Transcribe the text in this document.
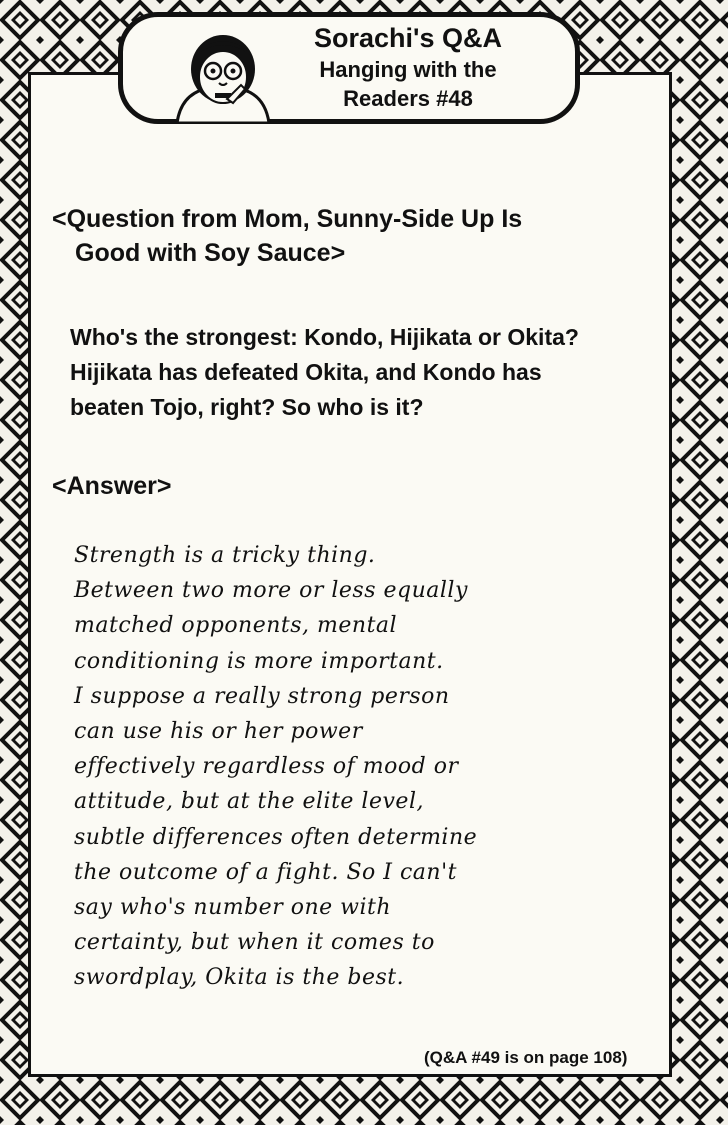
Sorachi's Q&A
Hanging with the
Readers #48
<Question from Mom, Sunny-Side Up Is
Good with Soy Sauce>
Who's the strongest: Kondo, Hijikata or Okita?
Hijikata has defeated Okita, and Kondo has
beaten Tojo, right? So who is it?
<Answer>
Strength is a tricky thing.
Between two more or less equally
matched opponents, mental
conditioning is more important.
I suppose a really strong person
can use his or her power
effectively regardless of mood or
attitude, but at the elite level,
subtle differences often determine
the outcome of a fight. So I can't
say who's number one with
certainty, but when it comes to
swordplay, Okita is the best.
(Q&A #49 is on page 108)
